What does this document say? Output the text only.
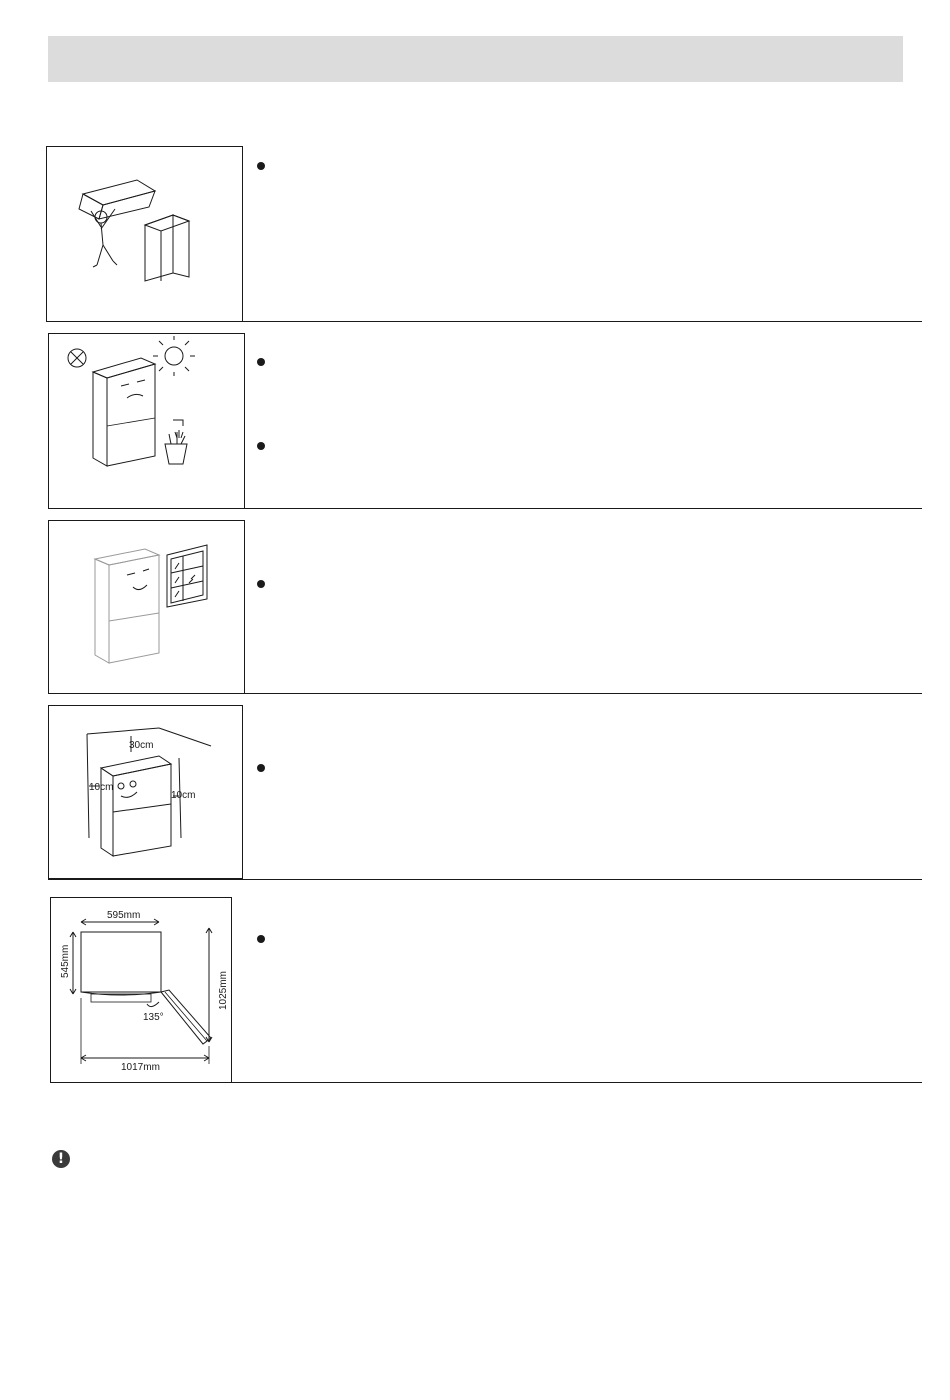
30cm
10cm
10cm
595mm
545mm
1025mm
1017mm
135°
!
